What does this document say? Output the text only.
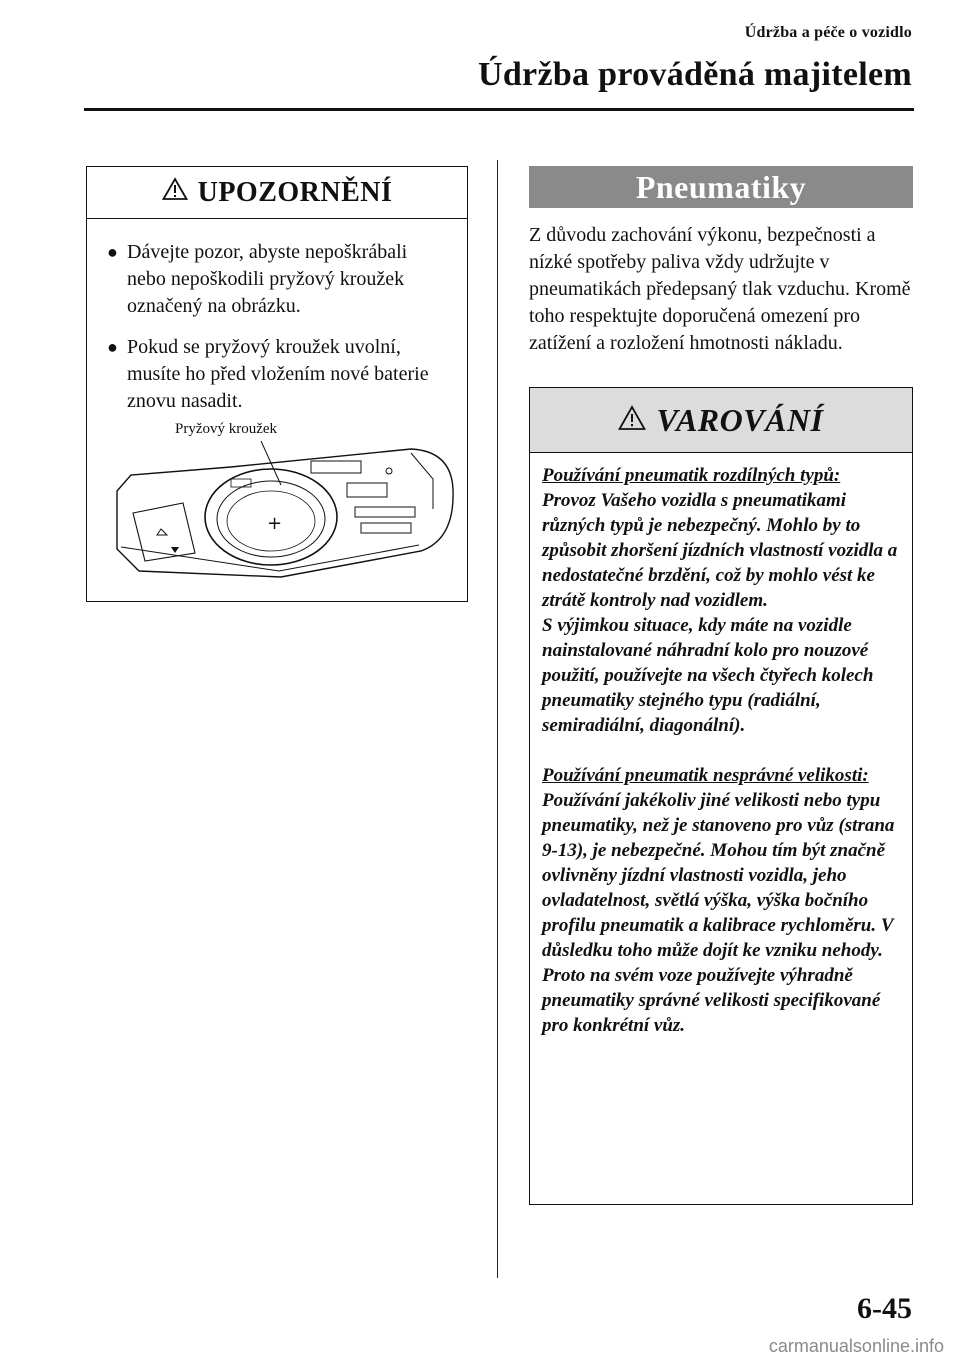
Údržba a péče o vozidlo
Údržba prováděná majitelem
UPOZORNĚNÍ
● Dávejte pozor, abyste nepoškrábali nebo nepoškodili pryžový kroužek označený na obrázku.
● Pokud se pryžový kroužek uvolní, musíte ho před vložením nové baterie znovu nasadit.
Pryžový kroužek
+
Pneumatiky

Z důvodu zachování výkonu, bezpečnosti a nízké spotřeby paliva vždy udržujte v pneumatikách předepsaný tlak vzduchu. Kromě toho respektujte doporučená omezení pro zatížení a rozložení hmotnosti nákladu.

VAROVÁNÍ

Používání pneumatik rozdílných typů:

Provoz Vašeho vozidla s pneumatikami různých typů je nebezpečný. Mohlo by to způsobit zhoršení jízdních vlastností vozidla a nedostatečné brzdění, což by mohlo vést ke ztrátě kontroly nad vozidlem.

S výjimkou situace, kdy máte na vozidle nainstalované náhradní kolo pro nouzové použití, používejte na všech čtyřech kolech pneumatiky stejného typu (radiální, semiradiální, diagonální).

Používání pneumatik nesprávné velikosti:

Používání jakékoliv jiné velikosti nebo typu pneumatiky, než je stanoveno pro vůz (strana 9-13), je nebezpečné. Mohou tím být značně ovlivněny jízdní vlastnosti vozidla, jeho ovladatelnost, světlá výška, výška bočního profilu pneumatik a kalibrace rychloměru. V důsledku toho může dojít ke vzniku nehody. Proto na svém voze používejte výhradně pneumatiky správné velikosti specifikované pro konkrétní vůz.

6-45
carmanualsonline.info
